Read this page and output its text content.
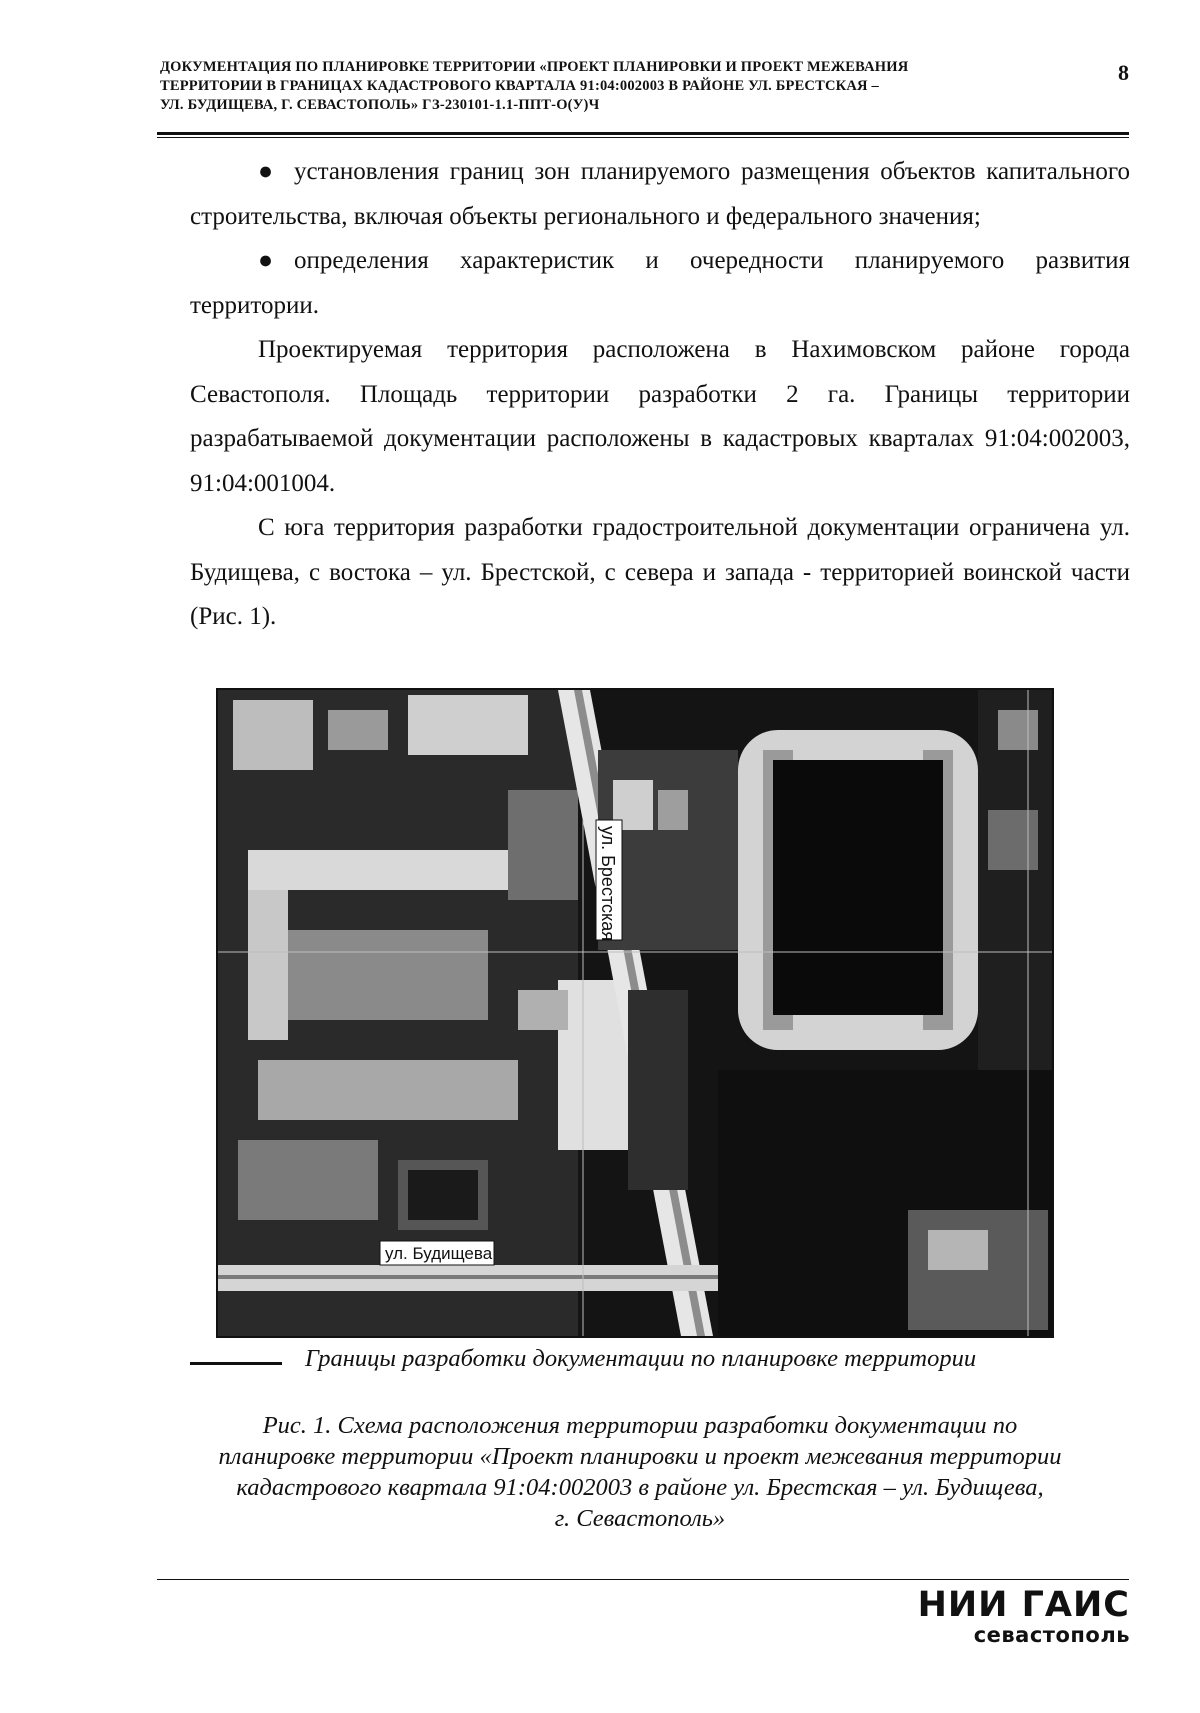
ДОКУМЕНТАЦИЯ ПО ПЛАНИРОВКЕ ТЕРРИТОРИИ «ПРОЕКТ ПЛАНИРОВКИ И ПРОЕКТ МЕЖЕВАНИЯ
ТЕРРИТОРИИ В ГРАНИЦАХ КАДАСТРОВОГО КВАРТАЛА 91:04:002003 В РАЙОНЕ УЛ. БРЕСТСКАЯ –
УЛ. БУДИЩЕВА, Г. СЕВАСТОПОЛЬ» ГЗ-230101-1.1-ППТ-О(У)Ч
8

● установления границ зон планируемого размещения объектов капитального строительства, включая объекты регионального и федерального значения;

● определения характеристик и очередности планируемого развития территории.

Проектируемая территория расположена в Нахимовском районе города Севастополя. Площадь территории разработки 2 га. Границы территории разрабатываемой документации расположены в кадастровых кварталах 91:04:002003, 91:04:001004.

С юга территория разработки градостроительной документации ограничена ул. Будищева, с востока – ул. Брестской, с севера и запада - территорией воинской части (Рис. 1).

ул. Брестская
ул. Будищева
Границы разработки документации по планировке территории
Рис. 1. Схема расположения территории разработки документации по
планировке территории «Проект планировки и проект межевания территории
кадастрового квартала 91:04:002003 в районе ул. Брестская – ул. Будищева,
г. Севастополь»
НИИ ГАИС
севастополь
